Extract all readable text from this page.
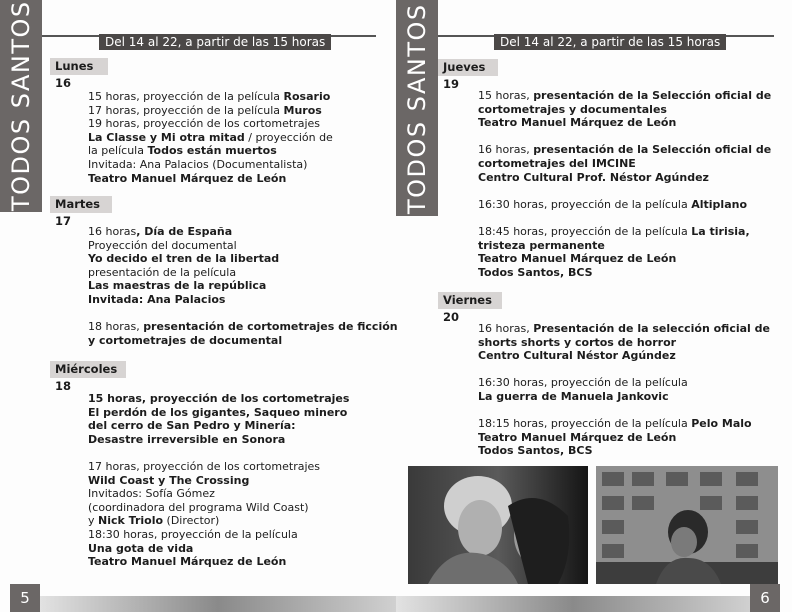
TODOS SANTOS	Del 14 al 22, a partir de las 15 horas
Lunes 16
15 horas, proyección de la película Rosario
17 horas, proyección de la película Muros
19 horas, proyección de los cortometrajes
La Classe y Mi otra mitad / proyección de
la película Todos están muertos
Invitada: Ana Palacios (Documentalista)
Teatro Manuel Márquez de León
Martes 17
16 horas, Día de España
Proyección del documental
Yo decido el tren de la libertad
presentación de la película
Las maestras de la república
Invitada: Ana Palacios
18 horas, presentación de cortometrajes de ficción
y cortometrajes de documental
Miércoles 18
15 horas, proyección de los cortometrajes
El perdón de los gigantes, Saqueo minero
del cerro de San Pedro y Minería:
Desastre irreversible en Sonora
17 horas, proyección de los cortometrajes
Wild Coast y The Crossing
Invitados: Sofía Gómez
(coordinadora del programa Wild Coast)
y Nick Triolo (Director)
18:30 horas, proyección de la película
Una gota de vida
Teatro Manuel Márquez de León
5
TODOS SANTOS	Del 14 al 22, a partir de las 15 horas
Jueves 19
15 horas, presentación de la Selección oficial de
cortometrajes y documentales
Teatro Manuel Márquez de León
16 horas, presentación de la Selección oficial de
cortometrajes del IMCINE
Centro Cultural Prof. Néstor Agúndez
16:30 horas, proyección de la película Altiplano
18:45 horas, proyección de la película La tirisia,
tristeza permanente
Teatro Manuel Márquez de León
Todos Santos, BCS
Viernes 20
16 horas, Presentación de la selección oficial de
shorts shorts y cortos de horror
Centro Cultural Néstor Agúndez
16:30 horas, proyección de la película
La guerra de Manuela Jankovic
18:15 horas, proyección de la película Pelo Malo
Teatro Manuel Márquez de León
Todos Santos, BCS
6
